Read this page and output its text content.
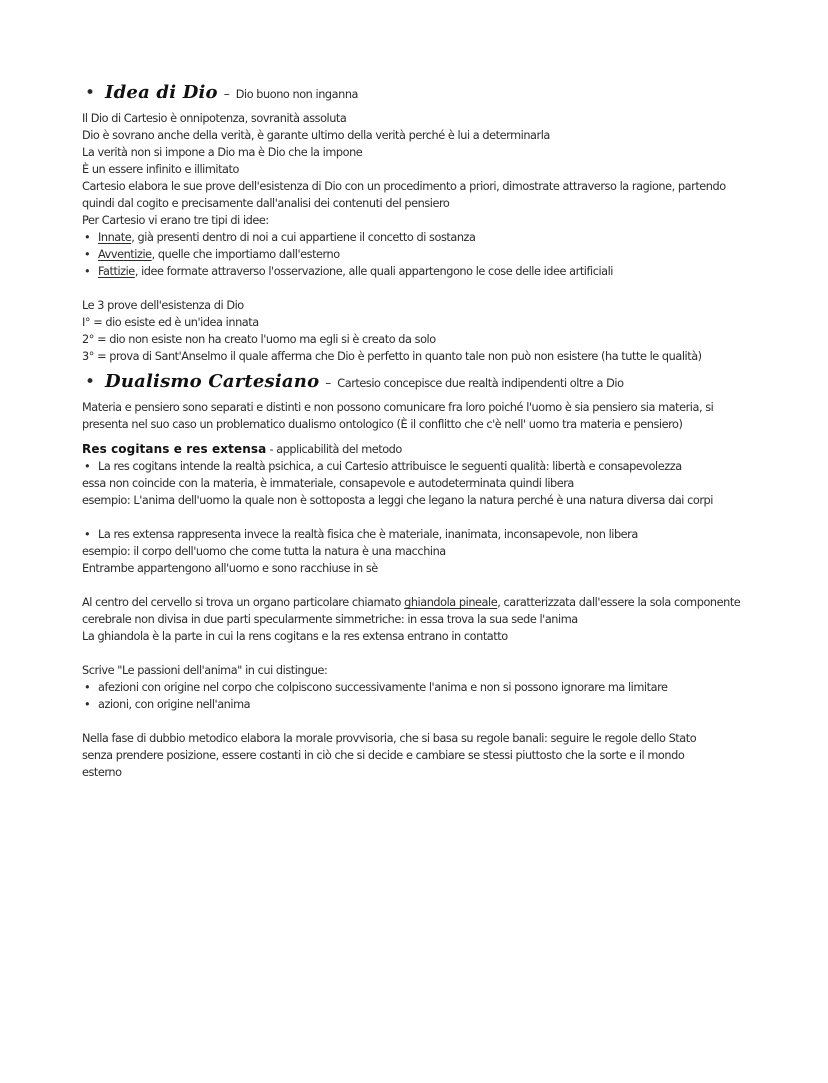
• Idea di Dio – Dio buono non inganna
Il Dio di Cartesio è onnipotenza, sovranità assoluta
Dio è sovrano anche della verità, è garante ultimo della verità perché è lui a determinarla
La verità non si impone a Dio ma è Dio che la impone
È un essere infinito e illimitato
Cartesio elabora le sue prove dell'esistenza di Dio con un procedimento a priori, dimostrate attraverso la ragione, partendo
quindi dal cogito e precisamente dall'analisi dei contenuti del pensiero
Per Cartesio vi erano tre tipi di idee:
• Innate, già presenti dentro di noi a cui appartiene il concetto di sostanza
• Avventizie, quelle che importiamo dall'esterno
• Fattizie, idee formate attraverso l'osservazione, alle quali appartengono le cose delle idee artificiali
Le 3 prove dell'esistenza di Dio
I° = dio esiste ed è un'idea innata
2° = dio non esiste non ha creato l'uomo ma egli si è creato da solo
3° = prova di Sant'Anselmo il quale afferma che Dio è perfetto in quanto tale non può non esistere (ha tutte le qualità)
• Dualismo Cartesiano – Cartesio concepisce due realtà indipendenti oltre a Dio
Materia e pensiero sono separati e distinti e non possono comunicare fra loro poiché l'uomo è sia pensiero sia materia, si
presenta nel suo caso un problematico dualismo ontologico (È il conflitto che c'è nell' uomo tra materia e pensiero)
Res cogitans e res extensa - applicabilità del metodo
• La res cogitans intende la realtà psichica, a cui Cartesio attribuisce le seguenti qualità: libertà e consapevolezza
essa non coincide con la materia, è immateriale, consapevole e autodeterminata quindi libera
esempio: L'anima dell'uomo la quale non è sottoposta a leggi che legano la natura perché è una natura diversa dai corpi
• La res extensa rappresenta invece la realtà fisica che è materiale, inanimata, inconsapevole, non libera
esempio: il corpo dell'uomo che come tutta la natura è una macchina
Entrambe appartengono all'uomo e sono racchiuse in sè
Al centro del cervello si trova un organo particolare chiamato ghiandola pineale, caratterizzata dall'essere la sola componente
cerebrale non divisa in due parti specularmente simmetriche: in essa trova la sua sede l'anima
La ghiandola è la parte in cui la rens cogitans e la res extensa entrano in contatto
Scrive "Le passioni dell'anima" in cui distingue:
• afezioni con origine nel corpo che colpiscono successivamente l'anima e non si possono ignorare ma limitare
• azioni, con origine nell'anima
Nella fase di dubbio metodico elabora la morale provvisoria, che si basa su regole banali: seguire le regole dello Stato
senza prendere posizione, essere costanti in ciò che si decide e cambiare se stessi piuttosto che la sorte e il mondo
esterno
